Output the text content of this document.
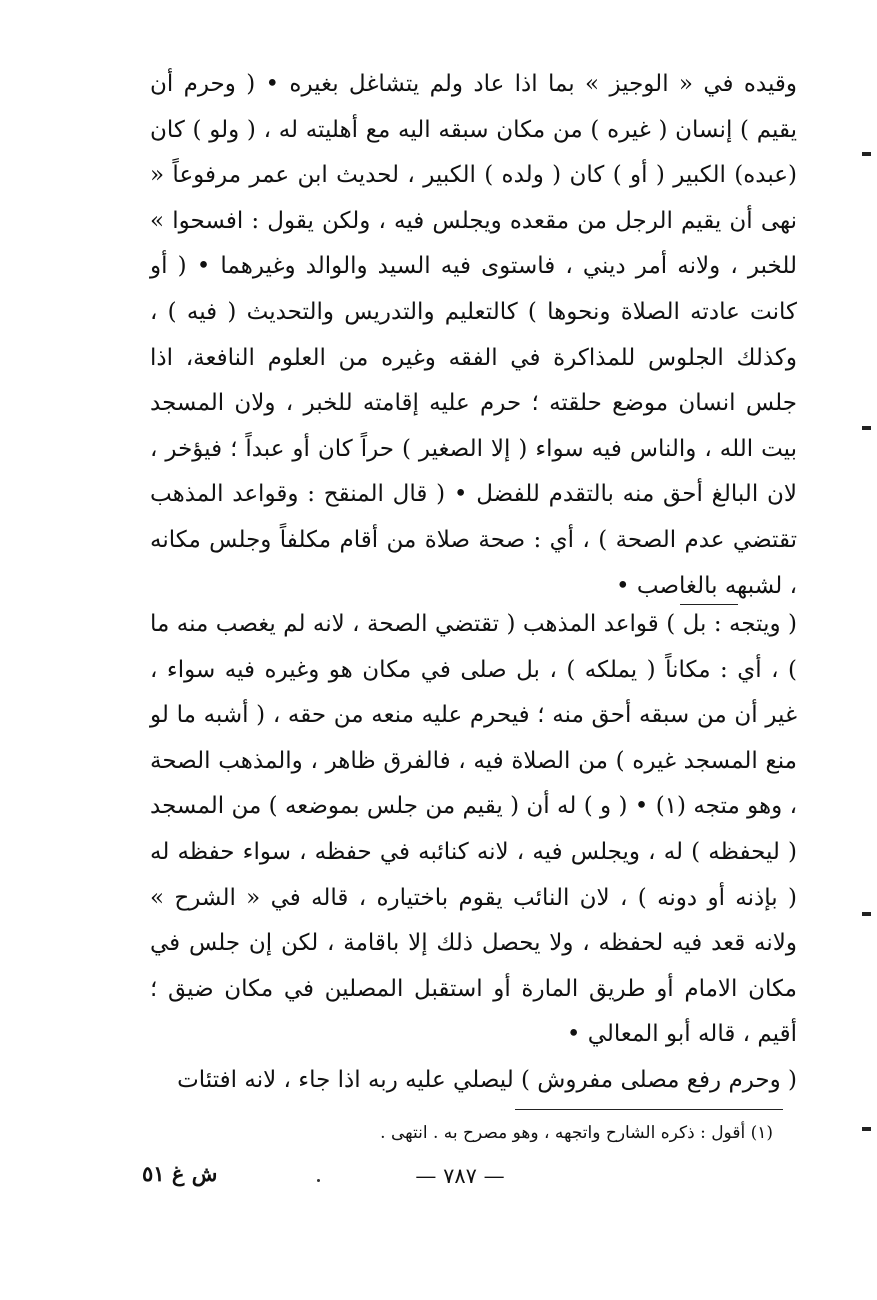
وقيده في « الوجيز » بما اذا عاد ولم يتشاغل بغيره • ( وحرم أن يقيم ) إنسان ( غيره ) من مكان سبقه اليه مع أهليته له ، ( ولو ) كان (عبده) الكبير ( أو ) كان ( ولده ) الكبير ، لحديث ابن عمر مرفوعاً « نهى أن يقيم الرجل من مقعده ويجلس فيه ، ولكن يقول : افسحوا » للخبر ، ولانه أمر ديني ، فاستوى فيه السيد والوالد وغيرهما • ( أو كانت عادته الصلاة ونحوها ) كالتعليم والتدريس والتحديث ( فيه ) ، وكذلك الجلوس للمذاكرة في الفقه وغيره من العلوم النافعة، اذا جلس انسان موضع حلقته ؛ حرم عليه إقامته للخبر ، ولان المسجد بيت الله ، والناس فيه سواء ( إلا الصغير ) حراً كان أو عبداً ؛ فيؤخر ، لان البالغ أحق منه بالتقدم للفضل • ( قال المنقح : وقواعد المذهب تقتضي عدم الصحة ) ، أي : صحة صلاة من أقام مكلفاً وجلس مكانه ، لشبهه بالغاصب •

( ويتجه : بل ) قواعد المذهب ( تقتضي الصحة ، لانه لم يغصب منه ما ) ، أي : مكاناً ( يملكه ) ، بل صلى في مكان هو وغيره فيه سواء ، غير أن من سبقه أحق منه ؛ فيحرم عليه منعه من حقه ، ( أشبه ما لو منع المسجد غيره ) من الصلاة فيه ، فالفرق ظاهر ، والمذهب الصحة ، وهو متجه (١) • ( و ) له أن ( يقيم من جلس بموضعه ) من المسجد ( ليحفظه ) له ، ويجلس فيه ، لانه كنائبه في حفظه ، سواء حفظه له ( بإذنه أو دونه ) ، لان النائب يقوم باختياره ، قاله في « الشرح » ولانه قعد فيه لحفظه ، ولا يحصل ذلك إلا باقامة ، لكن إن جلس في مكان الامام أو طريق المارة أو استقبل المصلين في مكان ضيق ؛ أقيم ، قاله أبو المعالي •

( وحرم رفع مصلى مفروش ) ليصلي عليه ربه اذا جاء ، لانه افتئات

(١) أقول : ذكره الشارح واتجهه ، وهو مصرح به . انتهى .
ش غ ٥١	— ٧٨٧ —
